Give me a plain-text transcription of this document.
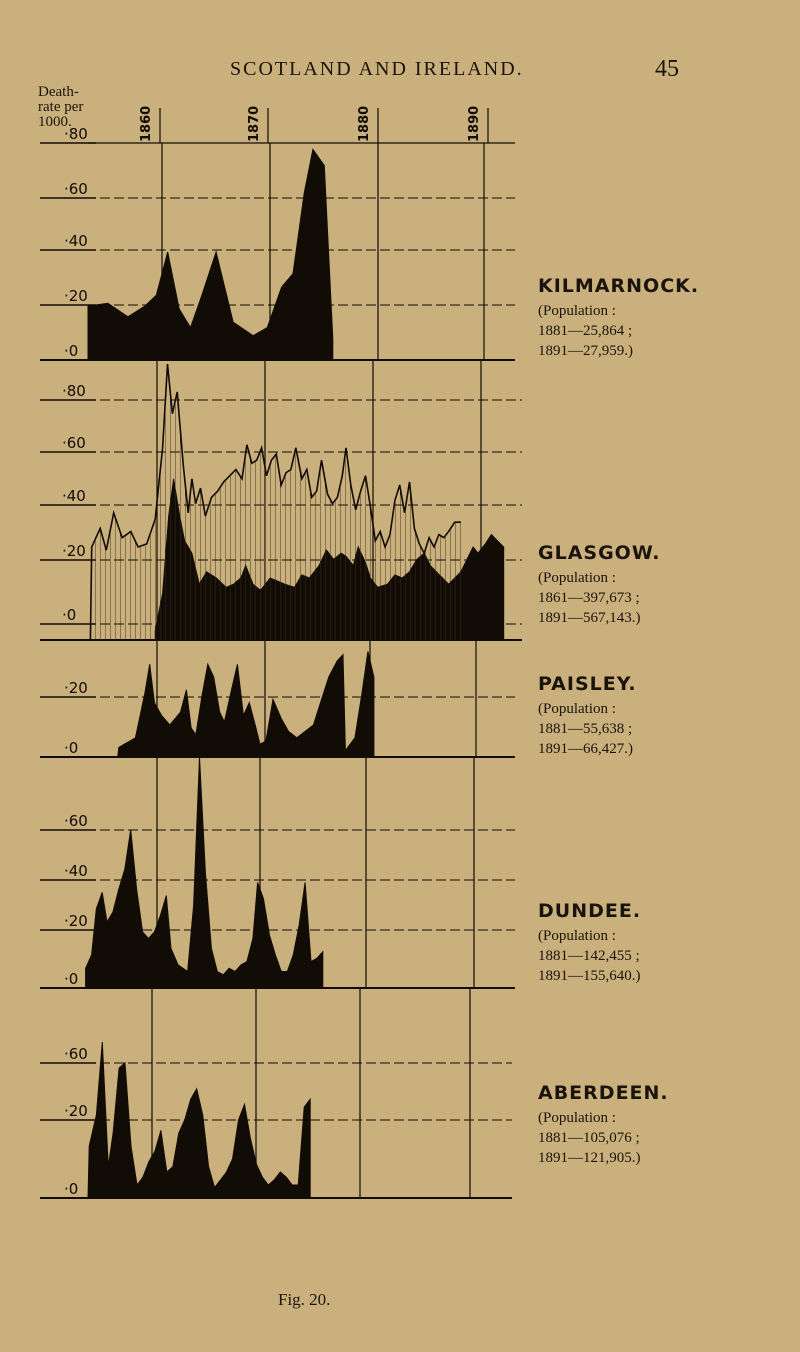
SCOTLAND AND IRELAND.	45
Death-
rate per
1000.
·80
·60
·40
·20
·0
·80
·60
·40
·20
·0
·20
·0
·60
·40
·20
·0
·60
·20
·0
1860	1870	1880	1890
KILMARNOCK.
(Population :
1881—25,864 ;
1891—27,959.)
GLASGOW.
(Population :
1861—397,673 ;
1891—567,143.)
PAISLEY.
(Population :
1881—55,638 ;
1891—66,427.)
DUNDEE.
(Population :
1881—142,455 ;
1891—155,640.)
ABERDEEN.
(Population :
1881—105,076 ;
1891—121,905.)
Fig. 20.
